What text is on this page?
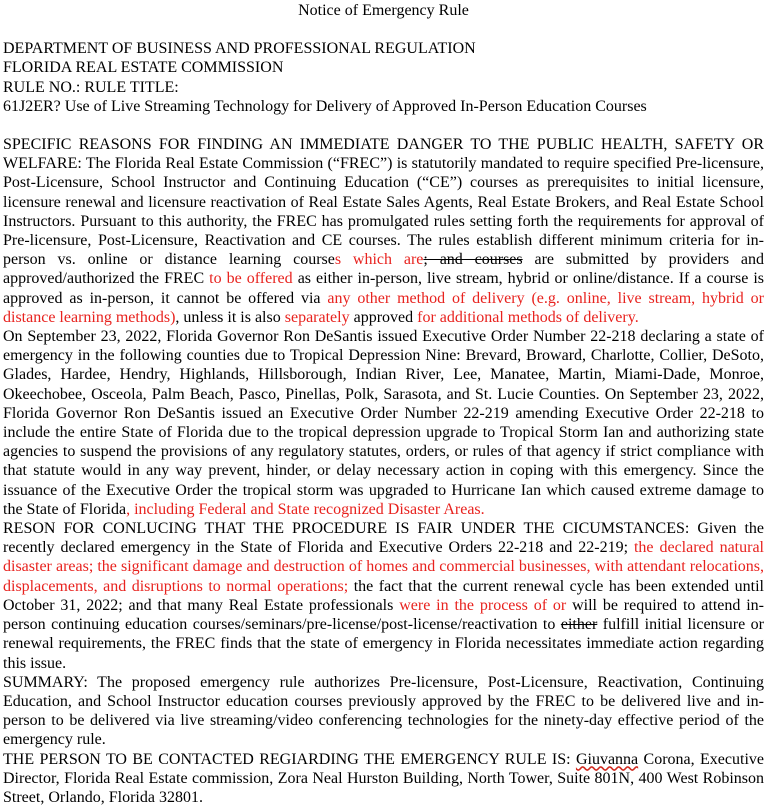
Notice of Emergency Rule
DEPARTMENT OF BUSINESS AND PROFESSIONAL REGULATION
FLORIDA REAL ESTATE COMMISSION
RULE NO.: RULE TITLE:
61J2ER? Use of Live Streaming Technology for Delivery of Approved In-Person Education Courses

SPECIFIC REASONS FOR FINDING AN IMMEDIATE DANGER TO THE PUBLIC HEALTH, SAFETY OR WELFARE: The Florida Real Estate Commission (“FREC”) is statutorily mandated to require specified Pre-licensure, Post-Licensure, School Instructor and Continuing Education (“CE”) courses as prerequisites to initial licensure, licensure renewal and licensure reactivation of Real Estate Sales Agents, Real Estate Brokers, and Real Estate School Instructors. Pursuant to this authority, the FREC has promulgated rules setting forth the requirements for approval of Pre-licensure, Post-Licensure, Reactivation and CE courses. The rules establish different minimum criteria for in-person vs. online or distance learning courses which are; and courses are submitted by providers and approved/authorized the FREC to be offered as either in-person, live stream, hybrid or online/distance. If a course is approved as in-person, it cannot be offered via any other method of delivery (e.g. online, live stream, hybrid or distance learning methods), unless it is also separately approved for additional methods of delivery.

On September 23, 2022, Florida Governor Ron DeSantis issued Executive Order Number 22-218 declaring a state of emergency in the following counties due to Tropical Depression Nine: Brevard, Broward, Charlotte, Collier, DeSoto, Glades, Hardee, Hendry, Highlands, Hillsborough, Indian River, Lee, Manatee, Martin, Miami-Dade, Monroe, Okeechobee, Osceola, Palm Beach, Pasco, Pinellas, Polk, Sarasota, and St. Lucie Counties. On September 23, 2022, Florida Governor Ron DeSantis issued an Executive Order Number 22-219 amending Executive Order 22-218 to include the entire State of Florida due to the tropical depression upgrade to Tropical Storm Ian and authorizing state agencies to suspend the provisions of any regulatory statutes, orders, or rules of that agency if strict compliance with that statute would in any way prevent, hinder, or delay necessary action in coping with this emergency. Since the issuance of the Executive Order the tropical storm was upgraded to Hurricane Ian which caused extreme damage to the State of Florida, including Federal and State recognized Disaster Areas.

RESON FOR CONLUCING THAT THE PROCEDURE IS FAIR UNDER THE CICUMSTANCES: Given the recently declared emergency in the State of Florida and Executive Orders 22-218 and 22-219; the declared natural disaster areas; the significant damage and destruction of homes and commercial businesses, with attendant relocations, displacements, and disruptions to normal operations; the fact that the current renewal cycle has been extended until October 31, 2022; and that many Real Estate professionals were in the process of or will be required to attend in-person continuing education courses/seminars/pre-license/post-license/reactivation to either fulfill initial licensure or renewal requirements, the FREC finds that the state of emergency in Florida necessitates immediate action regarding this issue.

SUMMARY: The proposed emergency rule authorizes Pre-licensure, Post-Licensure, Reactivation, Continuing Education, and School Instructor education courses previously approved by the FREC to be delivered live and in-person to be delivered via live streaming/video conferencing technologies for the ninety-day effective period of the emergency rule.

THE PERSON TO BE CONTACTED REGIARDING THE EMERGENCY RULE IS: Giuvanna Corona, Executive Director, Florida Real Estate commission, Zora Neal Hurston Building, North Tower, Suite 801N, 400 West Robinson Street, Orlando, Florida 32801.
